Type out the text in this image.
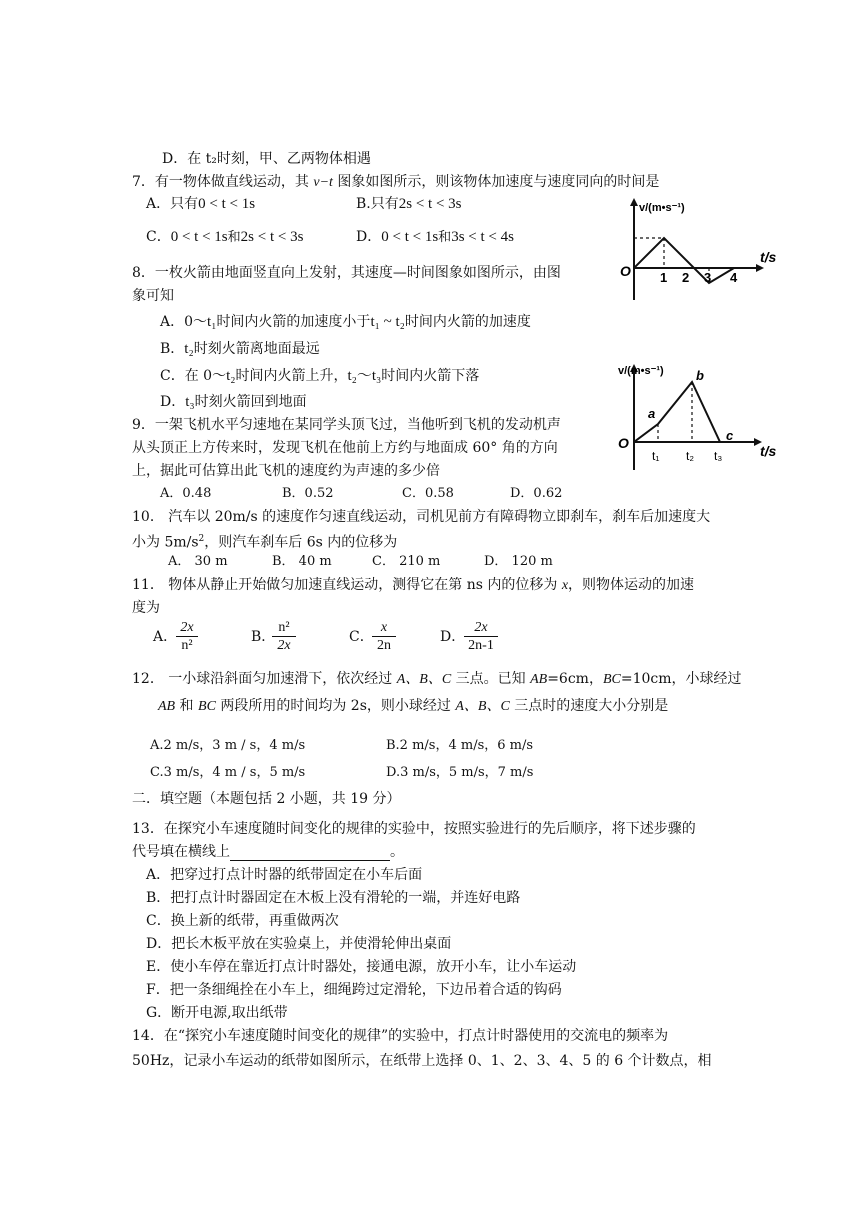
D．在 t₂时刻，甲、乙两物体相遇
7．有一物体做直线运动，其 v−t 图象如图所示，则该物体加速度与速度同向的时间是
A．只有0 < t < 1s	B.只有2s < t < 3s
C．0 < t < 1s和2s < t < 3s	D．0 < t < 1s和3s < t < 4s
v/(m•s⁻¹)
t/s
O 1 2 3 4
8．一枚火箭由地面竖直向上发射，其速度—时间图象如图所示，由图
象可知
A．0～t₁时间内火箭的加速度小于t₁ ~ t₂时间内火箭的加速度
B．t₂时刻火箭离地面最远
C．在 0～t₂时间内火箭上升，t₂～t₃时间内火箭下落
D．t₃时刻火箭回到地面
v/(m•s⁻¹)
t/s
O
a
b
c
t₁ t₂ t₃
9．一架飞机水平匀速地在某同学头顶飞过，当他听到飞机的发动机声
从头顶正上方传来时，发现飞机在他前上方约与地面成 60° 角的方向
上，据此可估算出此飞机的速度约为声速的多少倍
A．0.48	B．0.52	C．0.58	D．0.62
10． 汽车以 20m/s 的速度作匀速直线运动，司机见前方有障碍物立即刹车，刹车后加速度大
小为 $5m/s^2$，则汽车刹车后 6s 内的位移为
A． 30 m	B． 40 m	C． 210 m	D． 120 m
11． 物体从静止开始做匀加速直线运动，测得它在第 ns 内的位移为 x，则物体运动的加速
度为
A．
$\frac{2x}{\text{n²}}$	B．
$\frac{\text{n²}}{2x}$	C．
$\frac{x}{2n}$	D．
$\frac{2x}{2n-1}$
12． 一小球沿斜面匀加速滑下，依次经过 A、B、C 三点。已知 AB=6cm，BC=10cm，小球经过
AB 和 BC 两段所用的时间均为 2s，则小球经过 A、B、C 三点时的速度大小分别是
A.2 m/s，3 m / s，4 m/s	B.2 m/s，4 m/s，6 m/s
C.3 m/s，4 m / s，5 m/s	D.3 m/s，5 m/s，7 m/s
二．填空题（本题包括 2 小题，共 19 分）
13．在探究小车速度随时间变化的规律的实验中，按照实验进行的先后顺序，将下述步骤的
代号填在横线上	。
A．把穿过打点计时器的纸带固定在小车后面
B．把打点计时器固定在木板上没有滑轮的一端，并连好电路
C．换上新的纸带，再重做两次
D．把长木板平放在实验桌上，并使滑轮伸出桌面
E．使小车停在靠近打点计时器处，接通电源，放开小车，让小车运动
F．把一条细绳拴在小车上，细绳跨过定滑轮，下边吊着合适的钩码
G．断开电源,取出纸带
14．在“探究小车速度随时间变化的规律”的实验中，打点计时器使用的交流电的频率为
50Hz，记录小车运动的纸带如图所示，在纸带上选择 0、1、2、3、4、5 的 6 个计数点，相
